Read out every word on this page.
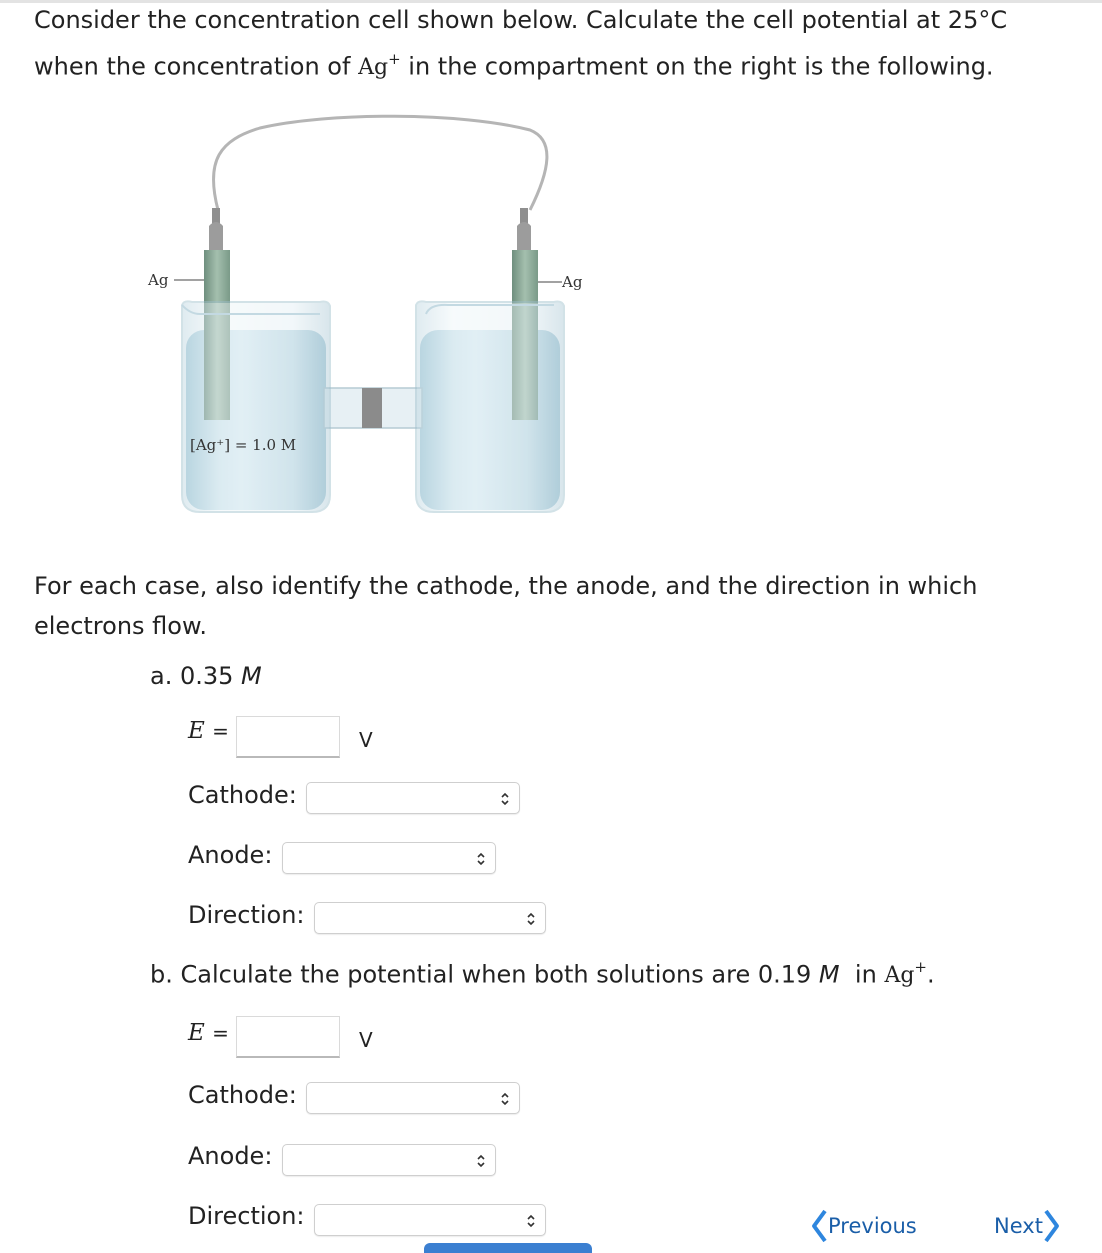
Consider the concentration cell shown below. Calculate the cell potential at 25°C
when the concentration of Ag+ in the compartment on the right is the following.
Ag	Ag
[Ag⁺] = 1.0 M
For each case, also identify the cathode, the anode, and the direction in which electrons flow.
a. 0.35 M
E =	V
Cathode:
Anode:
Direction:
b. Calculate the potential when both solutions are 0.19 M in Ag+.
E =	V
Cathode:
Anode:
Direction:	Previous	Next
